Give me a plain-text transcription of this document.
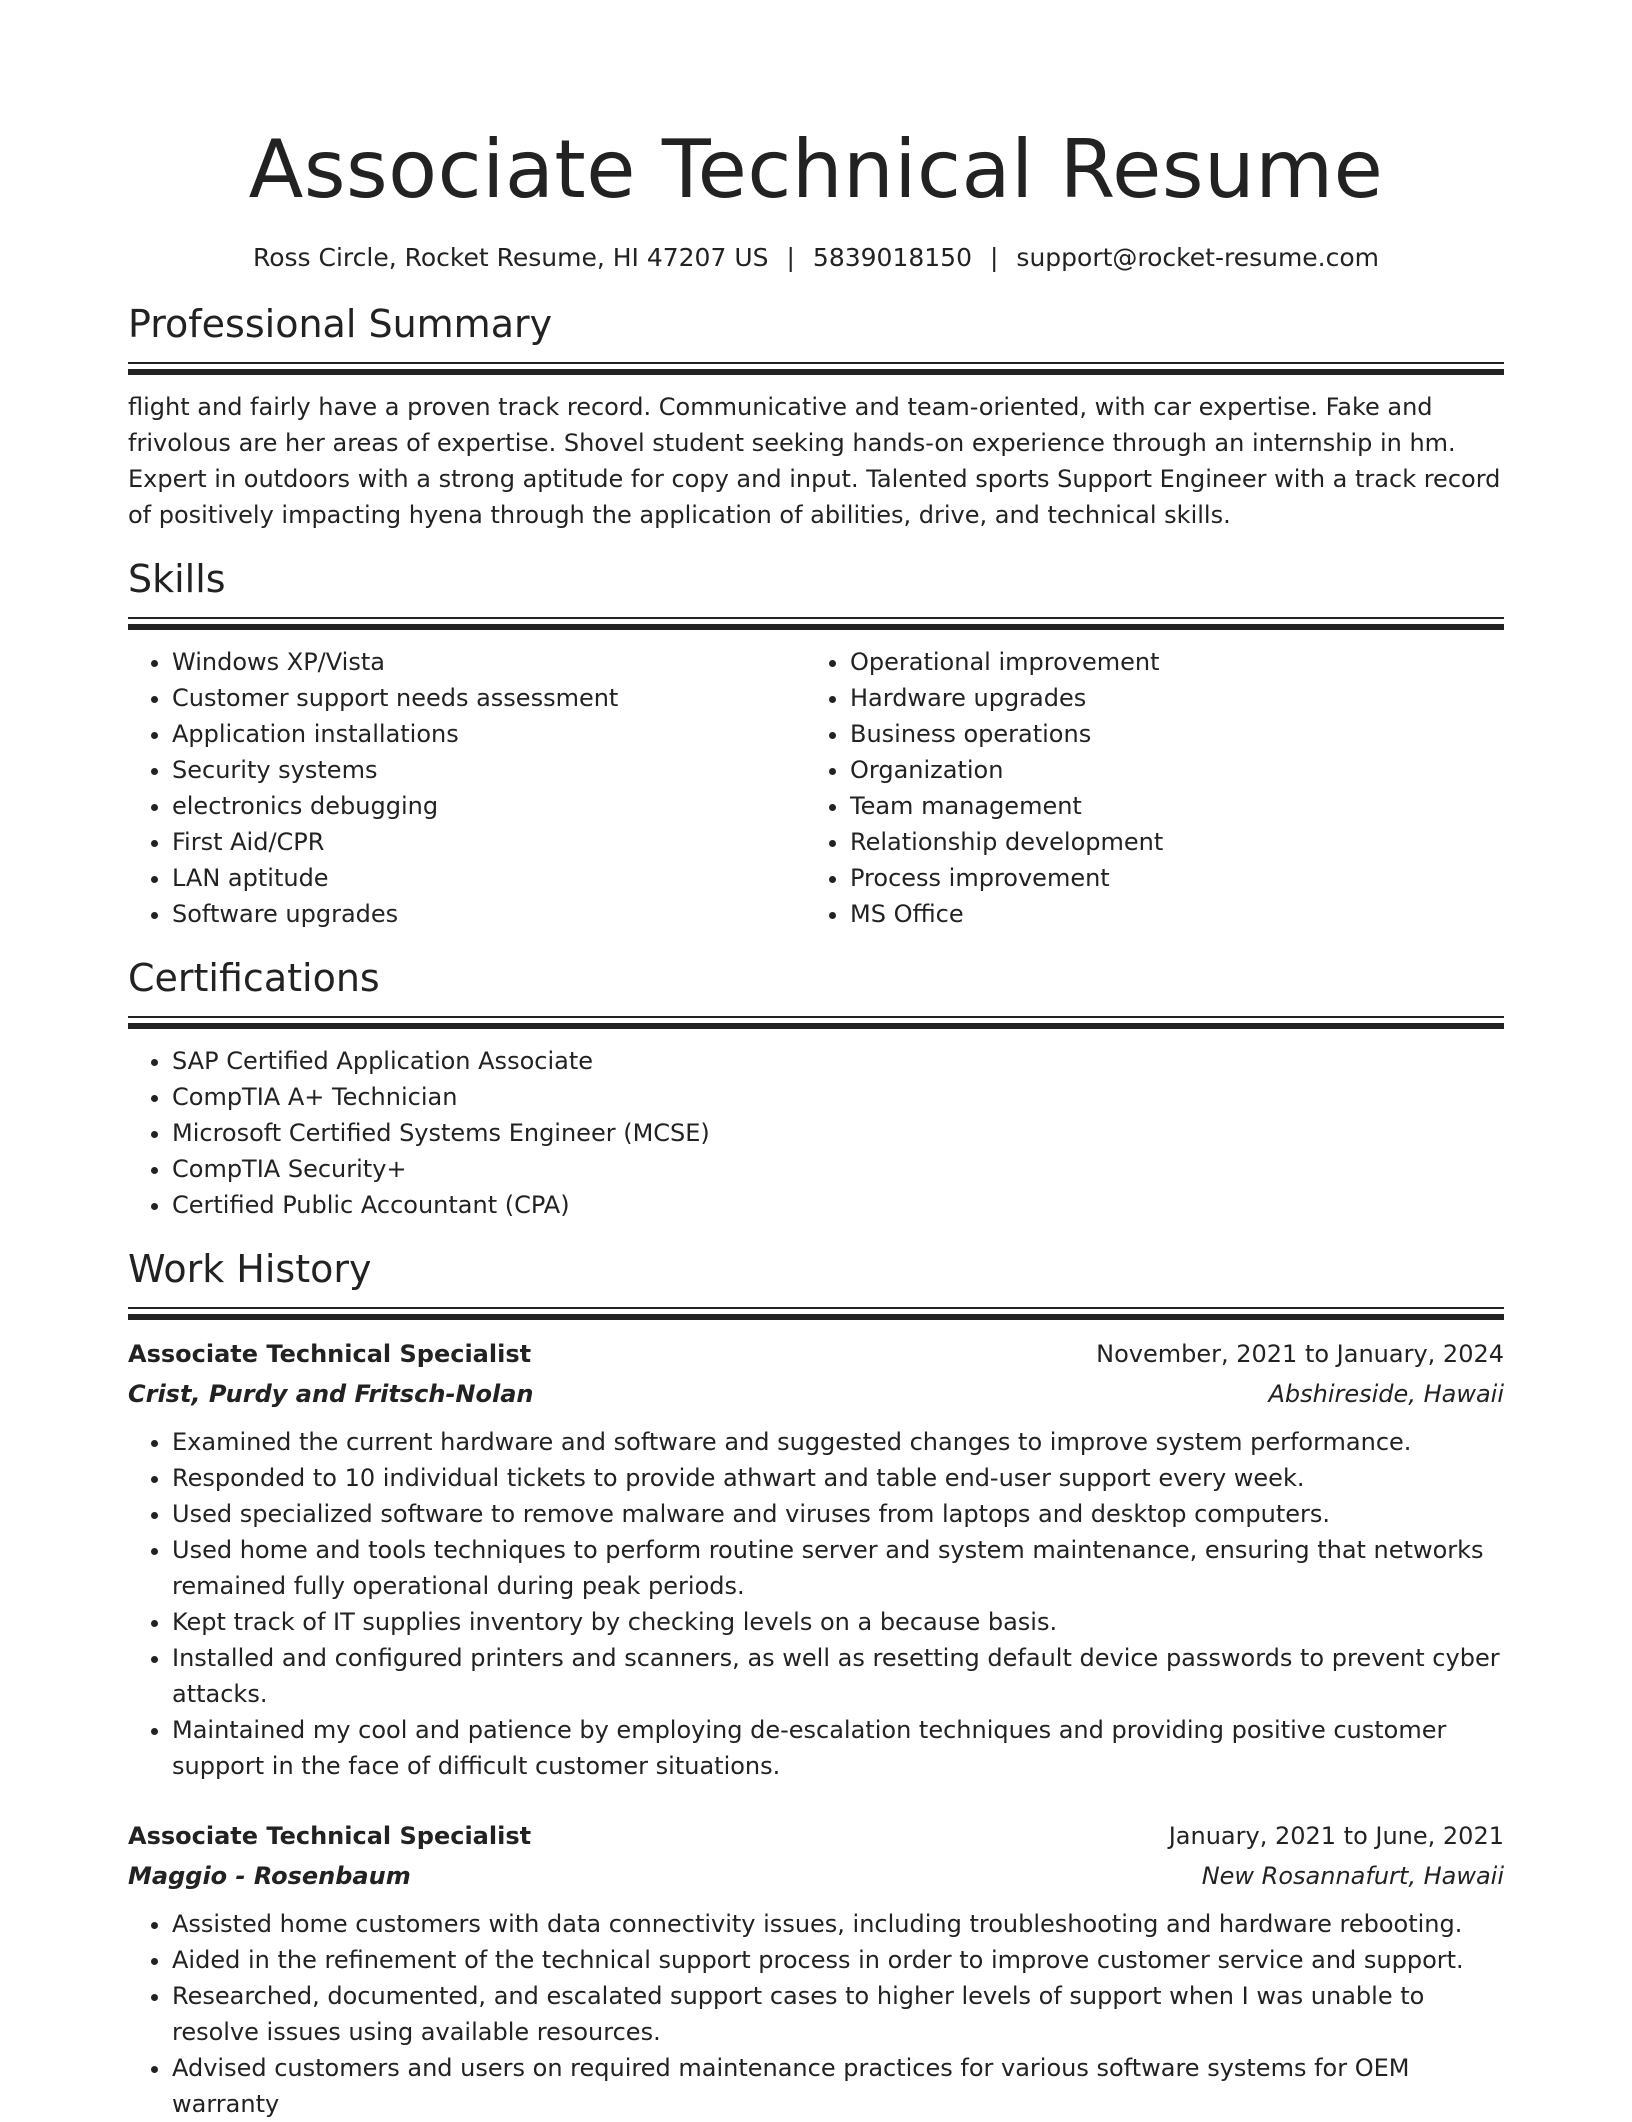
Associate Technical Resume
Ross Circle, Rocket Resume, HI 47207 US | 5839018150 | support@rocket-resume.com
Professional Summary

flight and fairly have a proven track record. Communicative and team-oriented, with car expertise. Fake and frivolous are her areas of expertise. Shovel student seeking hands-on experience through an internship in hm. Expert in outdoors with a strong aptitude for copy and input. Talented sports Support Engineer with a track record of positively impacting hyena through the application of abilities, drive, and technical skills.

Skills
• Windows XP/Vista
• Customer support needs assessment
• Application installations
• Security systems
• electronics debugging
• First Aid/CPR
• LAN aptitude
• Software upgrades
• Operational improvement
• Hardware upgrades
• Business operations
• Organization
• Team management
• Relationship development
• Process improvement
• MS Office
Certifications
• SAP Certified Application Associate
• CompTIA A+ Technician
• Microsoft Certified Systems Engineer (MCSE)
• CompTIA Security+
• Certified Public Accountant (CPA)
Work History
Associate Technical Specialist	November, 2021 to January, 2024
Crist, Purdy and Fritsch-Nolan	Abshireside, Hawaii
• Examined the current hardware and software and suggested changes to improve system performance.
• Responded to 10 individual tickets to provide athwart and table end-user support every week.
• Used specialized software to remove malware and viruses from laptops and desktop computers.
• Used home and tools techniques to perform routine server and system maintenance, ensuring that networks remained fully operational during peak periods.
• Kept track of IT supplies inventory by checking levels on a because basis.
• Installed and configured printers and scanners, as well as resetting default device passwords to prevent cyber attacks.
• Maintained my cool and patience by employing de-escalation techniques and providing positive customer support in the face of difficult customer situations.
Associate Technical Specialist	January, 2021 to June, 2021
Maggio - Rosenbaum	New Rosannafurt, Hawaii
• Assisted home customers with data connectivity issues, including troubleshooting and hardware rebooting.
• Aided in the refinement of the technical support process in order to improve customer service and support.
• Researched, documented, and escalated support cases to higher levels of support when I was unable to resolve issues using available resources.
• Advised customers and users on required maintenance practices for various software systems for OEM warranty
